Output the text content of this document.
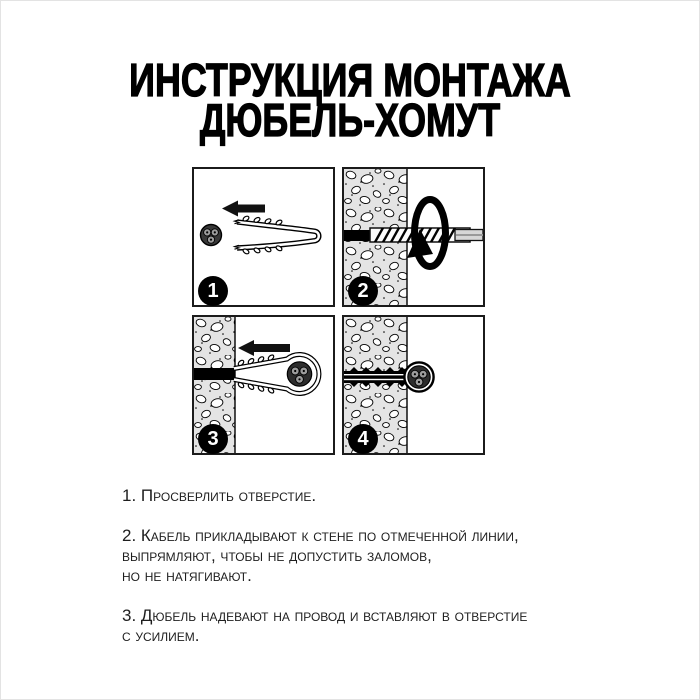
ИНСТРУКЦИЯ МОНТАЖА
ДЮБЕЛЬ-ХОМУТ
1	2
3	4

1. Просверлить отверстие.

2. Кабель прикладывают к стене по отмеченной линии,
выпрямляют, чтобы не допустить заломов,
но не натягивают.

3. Дюбель надевают на провод и вставляют в отверстие
с усилием.
